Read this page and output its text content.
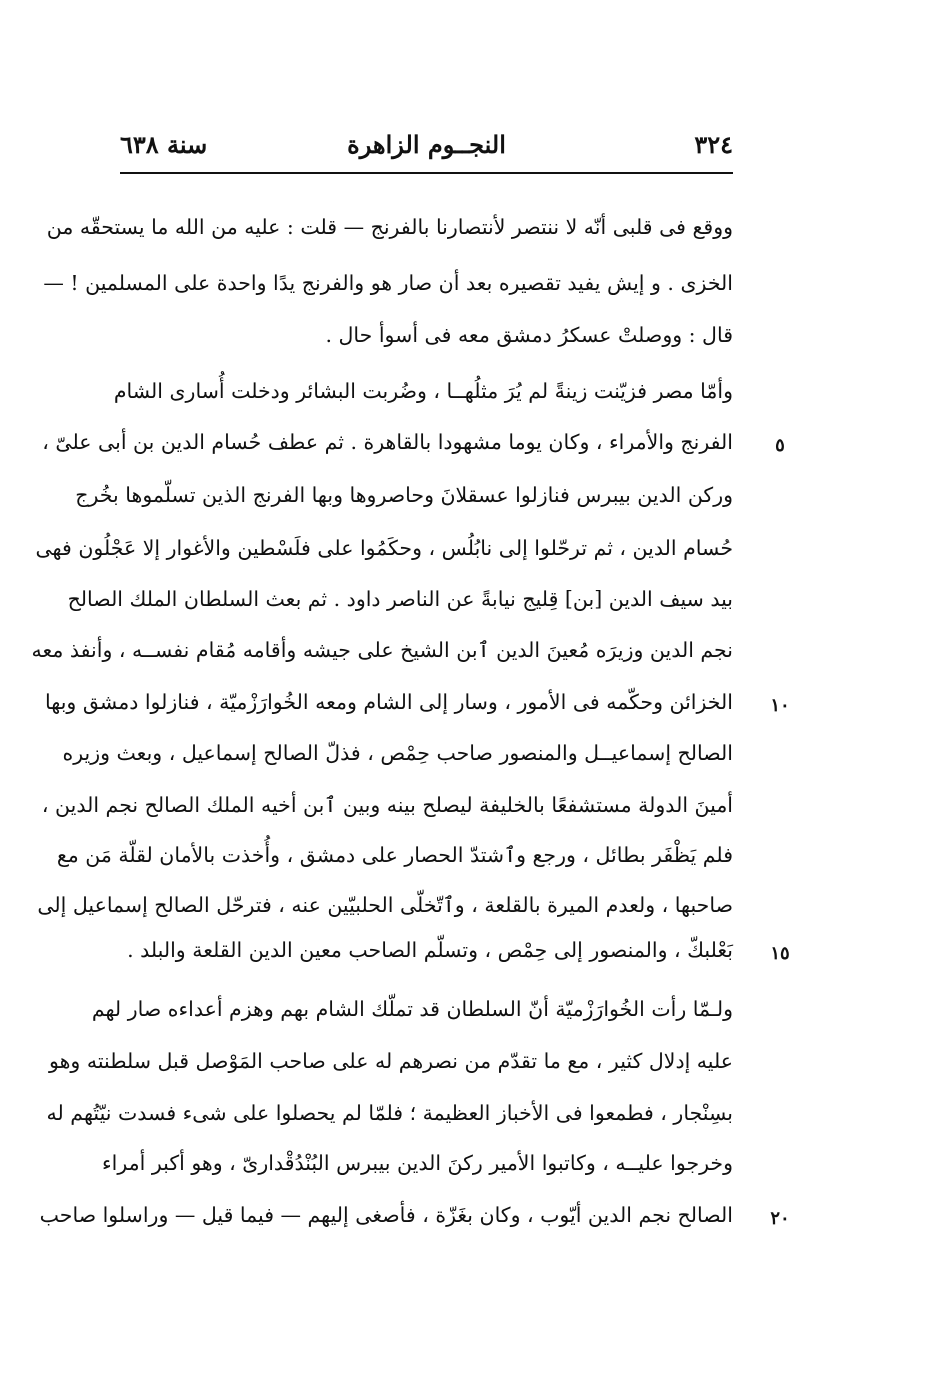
٣٢٤
النجــوم الزاهرة
سنة ٦٣٨
ووقع فى قلبى أنّه لا ننتصر لأنتصارنا بالفرنج — قلت : عليه من الله ما يستحقّه من
الخزى . و إيش يفيد تقصيره بعد أن صار هو والفرنج يدًا واحدة على المسلمين ! —
قال : ووصلتْ عسكرُ دمشق معه فى أسوأ حال .
وأمّا مصر فزيّنت زينةً لم يُرَ مثلُهــا ، وضُربت البشائر ودخلت أُسارى الشام
الفرنج والأمراء ، وكان يوما مشهودا بالقاهرة . ثم عطف حُسام الدين بن أبى علىّ ،
وركن الدين بيبرس فنازلوا عسقلانَ وحاصروها وبها الفرنج الذين تسلّموها بخُرج
حُسام الدين ، ثم ترحّلوا إلى نابُلُس ، وحكَمُوا على فلَسْطين والأغوار إلا عَجْلُون فهى
بيد سيف الدين [بن] قِليج نيابةً عن الناصر داود . ثم بعث السلطان الملك الصالح
نجم الدين وزيرَه مُعينَ الدين ٱبن الشيخ على جيشه وأقامه مُقام نفســه ، وأنفذ معه
الخزائن وحكّمه فى الأمور ، وسار إلى الشام ومعه الخُوارَزْميّة ، فنازلوا دمشق وبها
الصالح إسماعيــل والمنصور صاحب حِمْص ، فذلّ الصالح إسماعيل ، وبعث وزيره
أمينَ الدولة مستشفعًا بالخليفة ليصلح بينه وبين ٱبن أخيه الملك الصالح نجم الدين ،
فلم يَظْفَر بطائل ، ورجع وٱشتدّ الحصار على دمشق ، وأُخذت بالأمان لقلّة مَن مع
صاحبها ، ولعدم الميرة بالقلعة ، وٱتّخلّى الحلبيّين عنه ، فترحّل الصالح إسماعيل إلى
بَعْلبكّ ، والمنصور إلى حِمْص ، وتسلّم الصاحب معين الدين القلعة والبلد .
ولـمّا رأت الخُوارَزْميّة أنّ السلطان قد تملّك الشام بهم وهزم أعداءه صار لهم
عليه إدلال كثير ، مع ما تقدّم من نصرهم له على صاحب المَوْصل قبل سلطنته وهو
بسِنْجار ، فطمعوا فى الأخباز العظيمة ؛ فلمّا لم يحصلوا على شىء فسدت نيّتُهم له
وخرجوا عليــه ، وكاتبوا الأمير ركنَ الدين بيبرس البُنْدُقْدارىّ ، وهو أكبر أمراء
الصالح نجم الدين أيّوب ، وكان بغَزّة ، فأصغى إليهم — فيما قيل — وراسلوا صاحب
٥
١٠
١٥
٢٠
